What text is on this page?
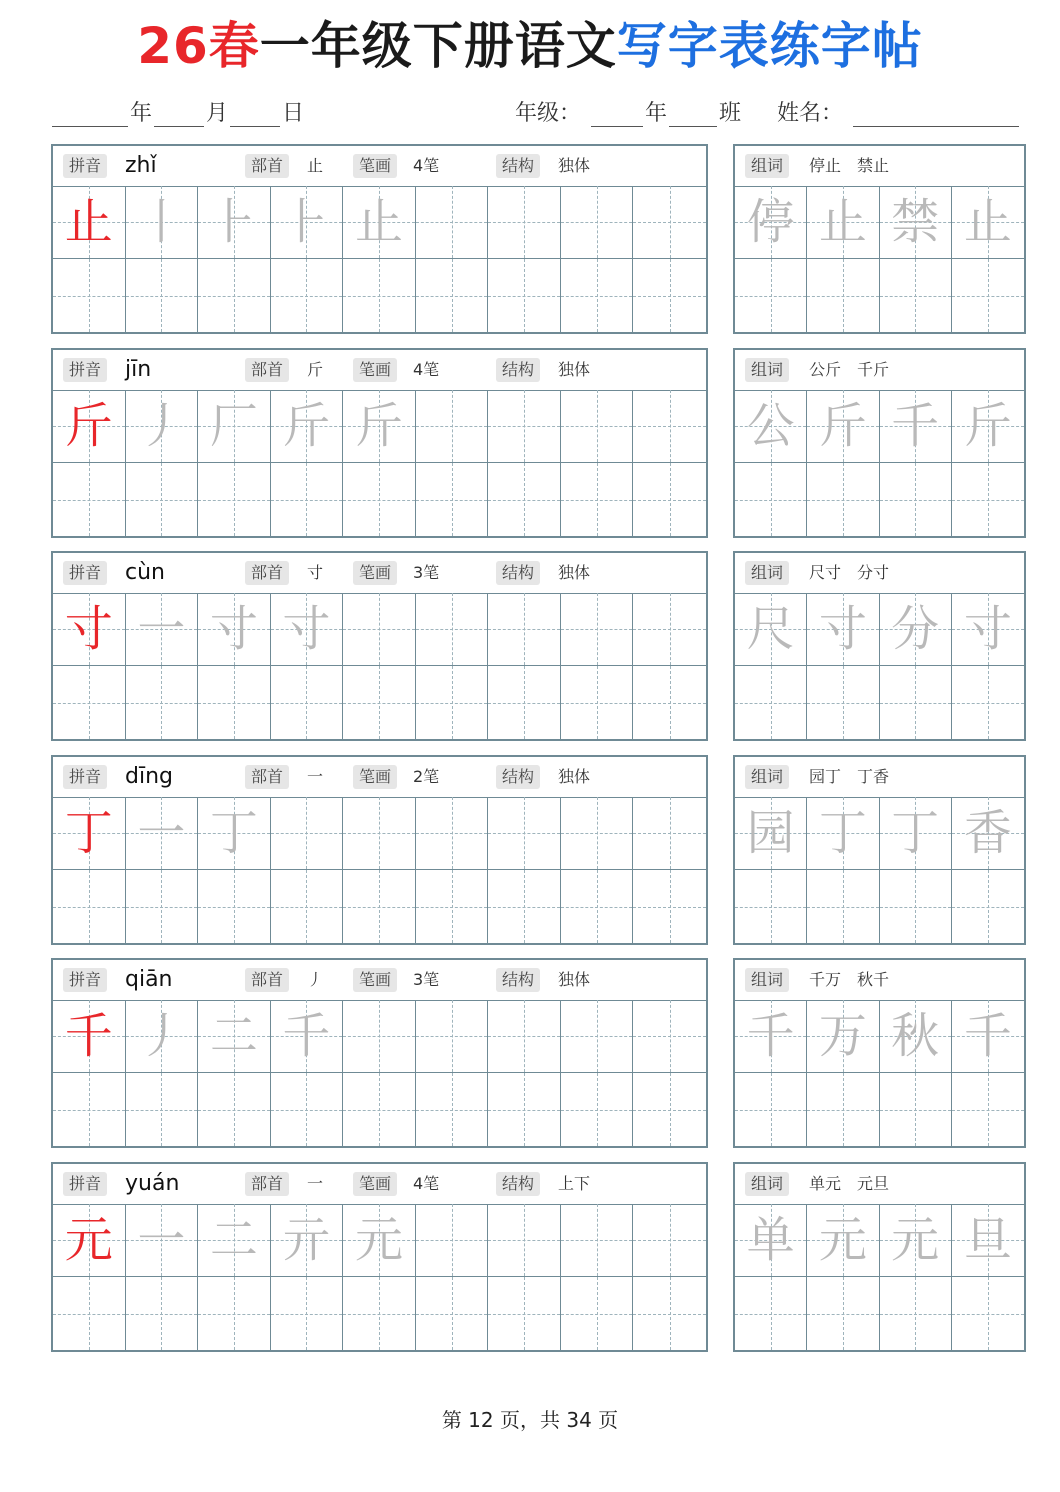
26春一年级下册语文写字表练字帖
年 月 日	年级：	年 班 姓名：
拼音 zhǐ	部首	止	笔画	4笔	结构	独体
止 丨 ⺊ ⺊ 止
组词	停止　禁止
停 止 禁 止
拼音 jīn	部首	斤	笔画	4笔	结构	独体
斤 丿 厂 斤 斤
组词	公斤　千斤
公 斤 千 斤
拼音 cùn	部首	寸	笔画	3笔	结构	独体
寸 一 寸 寸
组词	尺寸　分寸
尺 寸 分 寸
拼音 dīng	部首	一	笔画	2笔	结构	独体
丁 一 丁
组词	园丁　丁香
园 丁 丁 香
拼音 qiān	部首	丿	笔画	3笔	结构	独体
千 丿 二 千
组词	千万　秋千
千 万 秋 千
拼音 yuán	部首	一	笔画	4笔	结构	上下
元 一 二 亓 元
组词	单元　元旦
单 元 元 旦
第 12 页，共 34 页
